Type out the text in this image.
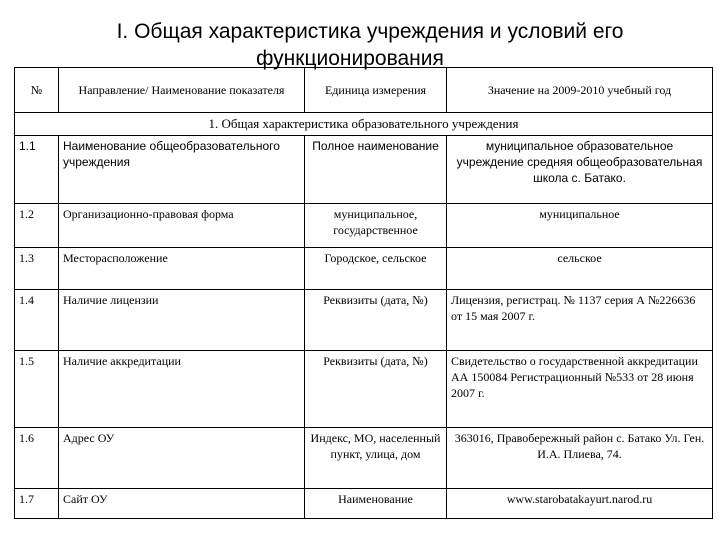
I. Общая характеристика учреждения и условий его
функционирования
№	Направление/ Наименование показателя	Единица измерения	Значение на 2009-2010 учебный год
1. Общая характеристика образовательного учреждения			
1.1	Наименование общеобразовательного учреждения	Полное наименование	муниципальное образовательное учреждение средняя общеобразовательная школа с. Батако.
1.2	Организационно-правовая форма	муниципальное, государственное	муниципальное
1.3	Месторасположение	Городское, сельское	сельское
1.4	Наличие лицензии	Реквизиты (дата, №)	Лицензия, регистрац. № 1137 серия А №226636 от 15 мая 2007 г.
1.5	Наличие аккредитации	Реквизиты (дата, №)	Свидетельство о государственной аккредитации АА 150084 Регистрационный №533 от 28 июня 2007 г.
1.6	Адрес ОУ	Индекс, МО, населенный пункт, улица, дом	363016, Правобережный район с. Батако Ул. Ген. И.А. Плиева, 74.
1.7	Сайт ОУ	Наименование	www.starobatakayurt.narod.ru
